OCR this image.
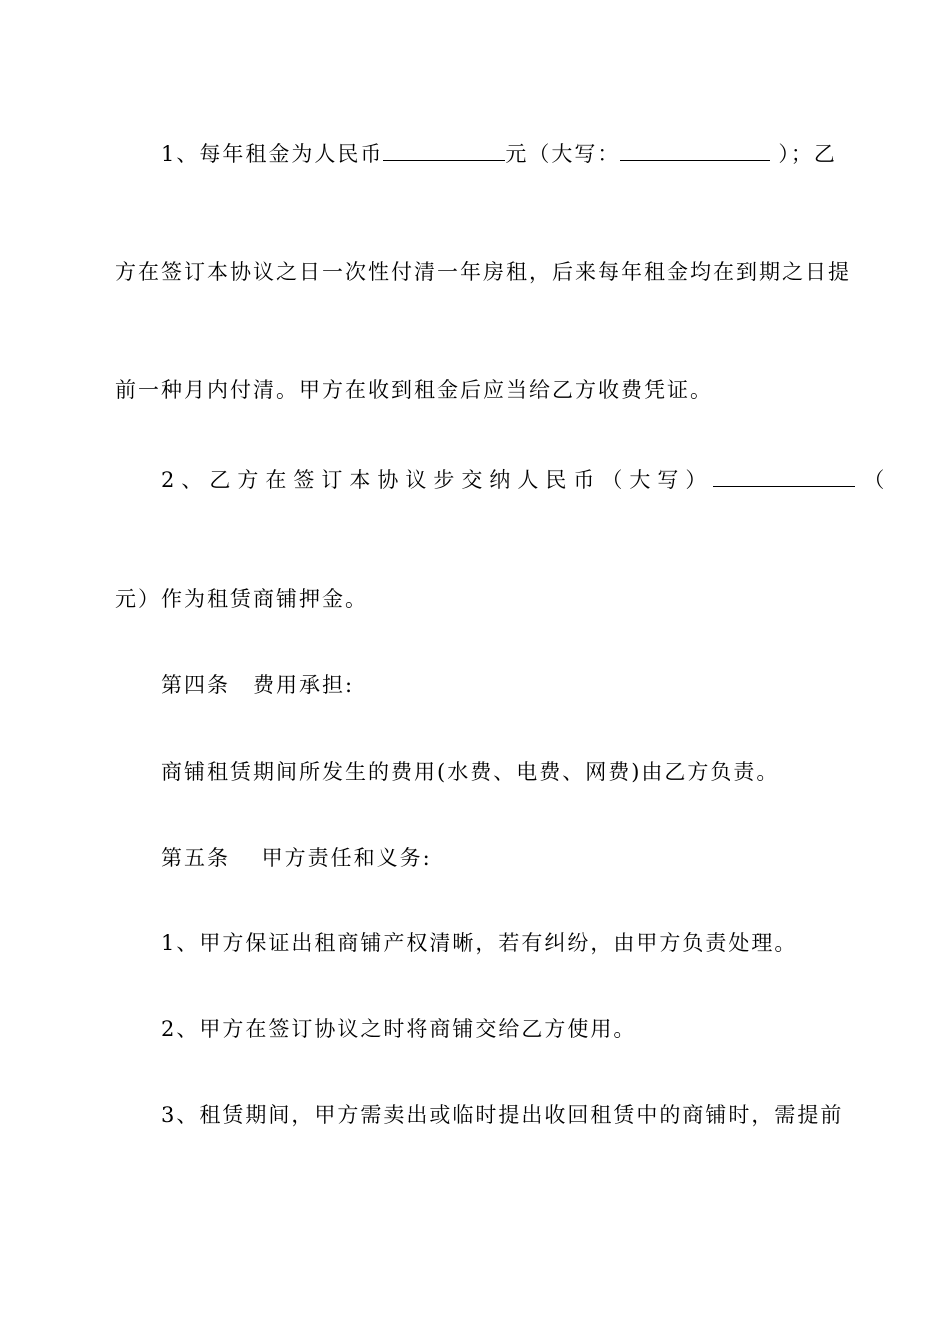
1、每年租金为人民币	元（大写：	）；乙
方在签订本协议之日一次性付清一年房租，后来每年租金均在到期之日提
前一种月内付清。甲方在收到租金后应当给乙方收费凭证。
2、乙方在签订本协议步交纳人民币（大写）	（
元）作为租赁商铺押金。
第四条　费用承担:
商铺租赁期间所发生的费用(水费、电费、网费)由乙方负责。
第五条　 甲方责任和义务:
1、甲方保证出租商铺产权清晰，若有纠纷，由甲方负责处理。
2、甲方在签订协议之时将商铺交给乙方使用。
3、租赁期间，甲方需卖出或临时提出收回租赁中的商铺时，需提前
